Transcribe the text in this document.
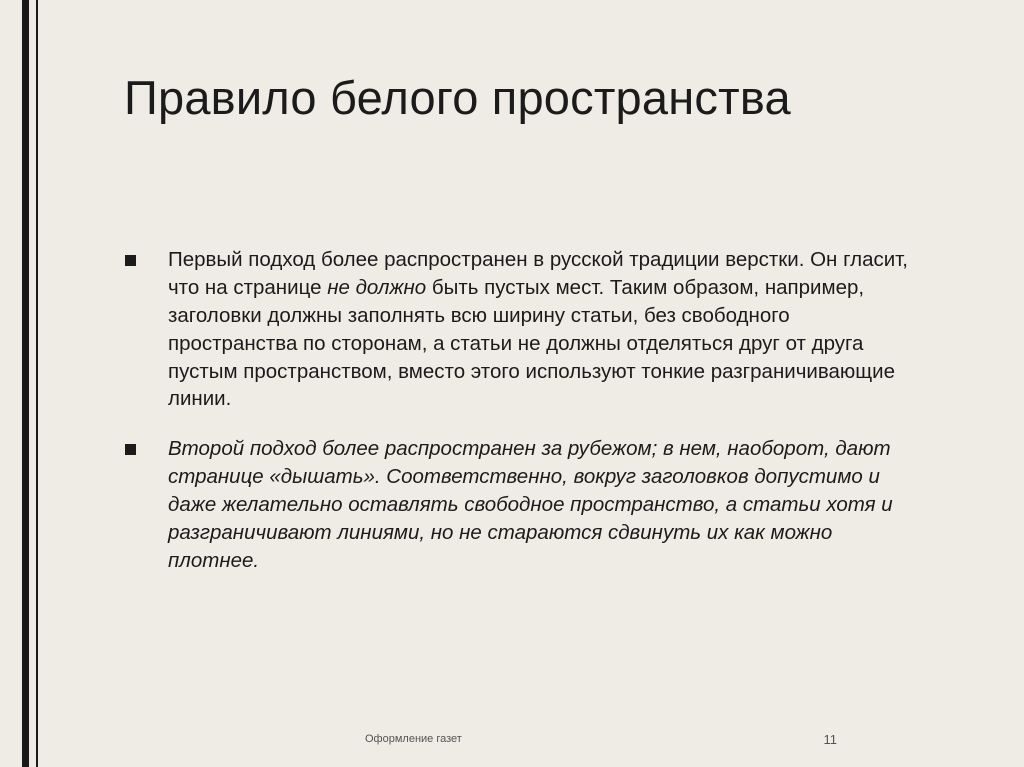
Правило белого пространства
Первый подход более распространен в русской традиции верстки. Он гласит, что на странице не должно быть пустых мест. Таким образом, например, заголовки должны заполнять всю ширину статьи, без свободного пространства по сторонам, а статьи не должны отделяться друг от друга пустым пространством, вместо этого используют тонкие разграничивающие линии.
Второй подход более распространен за рубежом; в нем, наоборот, дают странице «дышать». Соответственно, вокруг заголовков допустимо и даже желательно оставлять свободное пространство, а статьи хотя и разграничивают линиями, но не стараются сдвинуть их как можно плотнее.
Оформление газет	11
